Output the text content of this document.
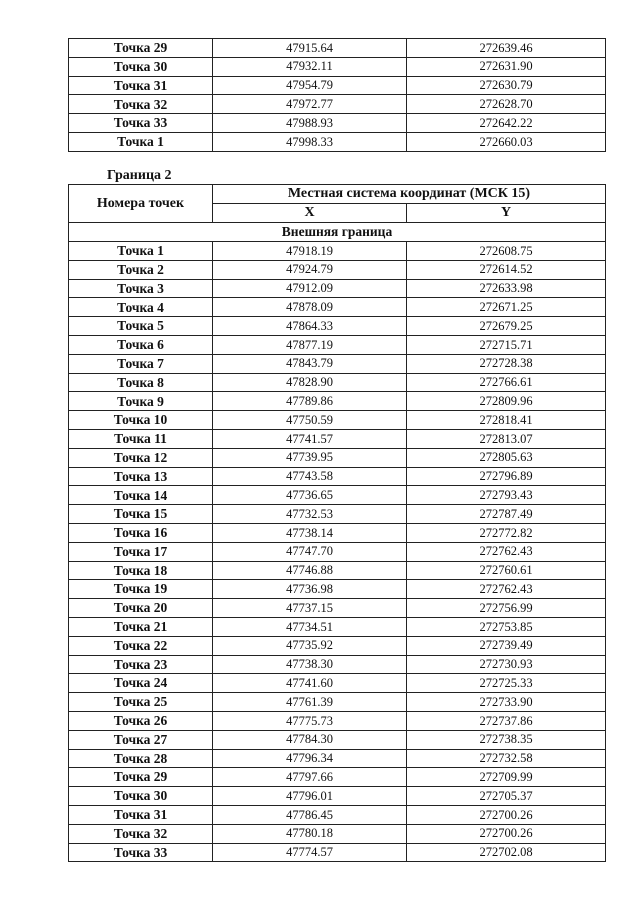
Точка 29	47915.64	272639.46
Точка 30	47932.11	272631.90
Точка 31	47954.79	272630.79
Точка 32	47972.77	272628.70
Точка 33	47988.93	272642.22
Точка 1	47998.33	272660.03
Граница 2
Номера точек	Местная система координат (МСК 15)	
	X	Y
Внешняя граница		
Точка 1	47918.19	272608.75
Точка 2	47924.79	272614.52
Точка 3	47912.09	272633.98
Точка 4	47878.09	272671.25
Точка 5	47864.33	272679.25
Точка 6	47877.19	272715.71
Точка 7	47843.79	272728.38
Точка 8	47828.90	272766.61
Точка 9	47789.86	272809.96
Точка 10	47750.59	272818.41
Точка 11	47741.57	272813.07
Точка 12	47739.95	272805.63
Точка 13	47743.58	272796.89
Точка 14	47736.65	272793.43
Точка 15	47732.53	272787.49
Точка 16	47738.14	272772.82
Точка 17	47747.70	272762.43
Точка 18	47746.88	272760.61
Точка 19	47736.98	272762.43
Точка 20	47737.15	272756.99
Точка 21	47734.51	272753.85
Точка 22	47735.92	272739.49
Точка 23	47738.30	272730.93
Точка 24	47741.60	272725.33
Точка 25	47761.39	272733.90
Точка 26	47775.73	272737.86
Точка 27	47784.30	272738.35
Точка 28	47796.34	272732.58
Точка 29	47797.66	272709.99
Точка 30	47796.01	272705.37
Точка 31	47786.45	272700.26
Точка 32	47780.18	272700.26
Точка 33	47774.57	272702.08
